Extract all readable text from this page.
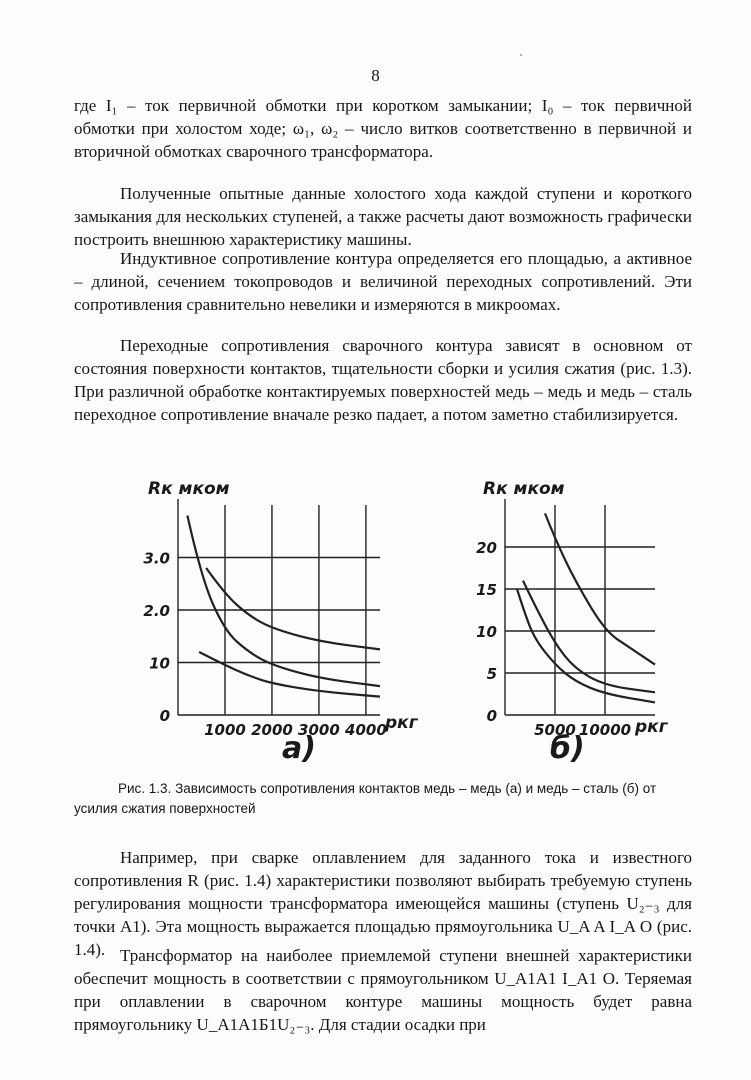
8

где I₁ – ток первичной обмотки при коротком замыкании; I₀ – ток первичной обмотки при холостом ходе; ω₁, ω₂ – число витков соответственно в первичной и вторичной обмотках сварочного трансформатора.

Полученные опытные данные холостого хода каждой ступени и короткого замыкания для нескольких ступеней, а также расчеты дают возможность графически построить внешнюю характеристику машины.

Индуктивное сопротивление контура определяется его площадью, а активное – длиной, сечением токопроводов и величиной переходных сопротивлений. Эти сопротивления сравнительно невелики и измеряются в микроомах.

Переходные сопротивления сварочного контура зависят в основном от состояния поверхности контактов, тщательности сборки и усилия сжатия (рис. 1.3). При различной обработке контактируемых поверхностей медь – медь и медь – сталь переходное сопротивление вначале резко падает, а потом заметно стабилизируется.

Rк мком
0
10
2.0
3.0
1000 2000 3000 4000
pкг
а)
Rк мком
0
5
10
15
20
5000 10000 pкг
б)

Рис. 1.3. Зависимость сопротивления контактов медь – медь (а) и медь – сталь (б) от усилия сжатия поверхностей

Например, при сварке оплавлением для заданного тока и известного сопротивления R (рис. 1.4) характеристики позволяют выбирать требуемую ступень регулирования мощности трансформатора имеющейся машины (ступень U₂₋₃ для точки А1). Эта мощность выражается площадью прямоугольника U_A A I_A O (рис. 1.4). Трансформатор на наиболее приемлемой ступени внешней характеристики обеспечит мощность в соответствии с прямоугольником U_A1A1 I_A1 O. Теряемая при оплавлении в сварочном контуре машины мощность будет равна прямоугольнику U_A1A1Б1U₂₋₃. Для стадии осадки при
